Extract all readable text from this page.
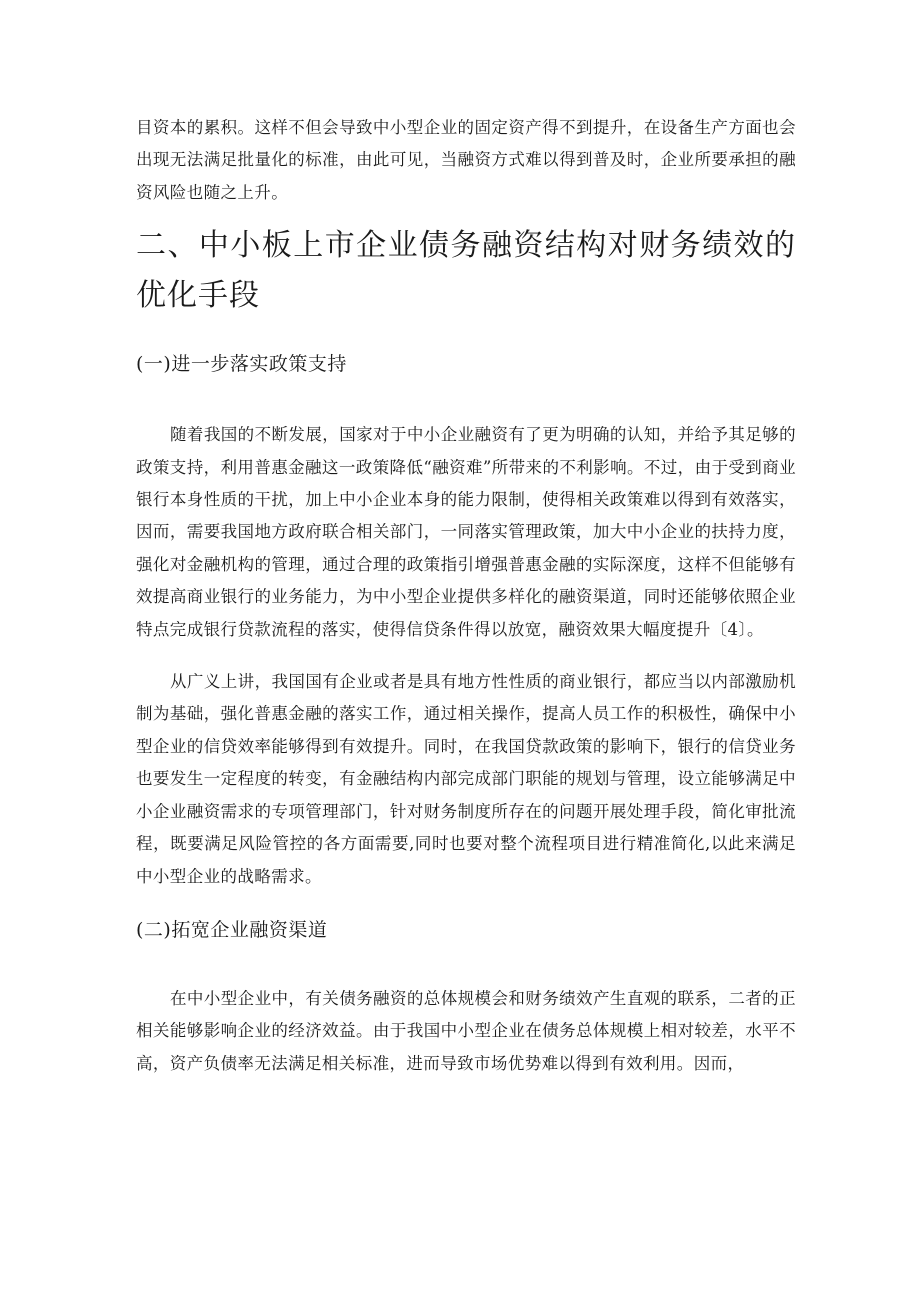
目资本的累积。这样不但会导致中小型企业的固定资产得不到提升，在设备生产方面也会出现无法满足批量化的标准，由此可见，当融资方式难以得到普及时，企业所要承担的融资风险也随之上升。

二、中小板上市企业债务融资结构对财务绩效的优化手段
(一)进一步落实政策支持

随着我国的不断发展，国家对于中小企业融资有了更为明确的认知，并给予其足够的政策支持，利用普惠金融这一政策降低“融资难”所带来的不利影响。不过，由于受到商业银行本身性质的干扰，加上中小企业本身的能力限制，使得相关政策难以得到有效落实，因而，需要我国地方政府联合相关部门，一同落实管理政策，加大中小企业的扶持力度，强化对金融机构的管理，通过合理的政策指引增强普惠金融的实际深度，这样不但能够有效提高商业银行的业务能力，为中小型企业提供多样化的融资渠道，同时还能够依照企业特点完成银行贷款流程的落实，使得信贷条件得以放宽，融资效果大幅度提升〔4〕。

从广义上讲，我国国有企业或者是具有地方性性质的商业银行，都应当以内部激励机制为基础，强化普惠金融的落实工作，通过相关操作，提高人员工作的积极性，确保中小型企业的信贷效率能够得到有效提升。同时，在我国贷款政策的影响下，银行的信贷业务也要发生一定程度的转变，有金融结构内部完成部门职能的规划与管理，设立能够满足中小企业融资需求的专项管理部门，针对财务制度所存在的问题开展处理手段，简化审批流程，既要满足风险管控的各方面需要,同时也要对整个流程项目进行精准简化,以此来满足中小型企业的战略需求。

(二)拓宽企业融资渠道

在中小型企业中，有关债务融资的总体规模会和财务绩效产生直观的联系，二者的正相关能够影响企业的经济效益。由于我国中小型企业在债务总体规模上相对较差，水平不高，资产负债率无法满足相关标准，进而导致市场优势难以得到有效利用。因而，
